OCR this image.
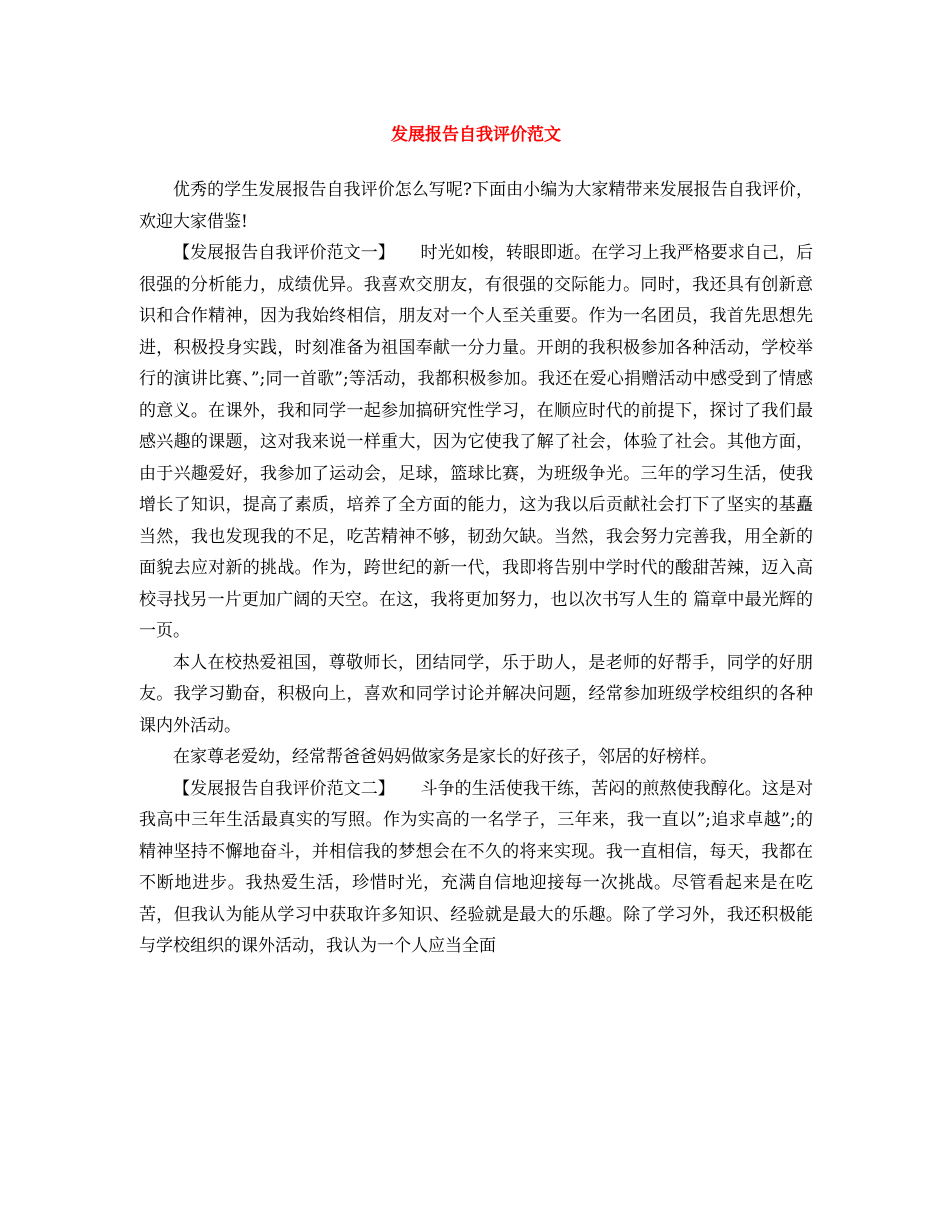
发展报告自我评价范文

优秀的学生发展报告自我评价怎么写呢?下面由小编为大家精带来发展报告自我评价，欢迎大家借鉴!

【发展报告自我评价范文一】　　时光如梭，转眼即逝。在学习上我严格要求自己，后很强的分析能力，成绩优异。我喜欢交朋友，有很强的交际能力。同时，我还具有创新意识和合作精神，因为我始终相信，朋友对一个人至关重要。作为一名团员，我首先思想先进，积极投身实践，时刻准备为祖国奉献一分力量。开朗的我积极参加各种活动，学校举行的演讲比赛、”;同一首歌”;等活动，我都积极参加。我还在爱心捐赠活动中感受到了情感的意义。在课外，我和同学一起参加搞研究性学习，在顺应时代的前提下，探讨了我们最感兴趣的课题，这对我来说一样重大，因为它使我了解了社会，体验了社会。其他方面，由于兴趣爱好，我参加了运动会，足球，篮球比赛，为班级争光。三年的学习生活，使我增长了知识，提高了素质，培养了全方面的能力，这为我以后贡献社会打下了坚实的基矗当然，我也发现我的不足，吃苦精神不够，韧劲欠缺。当然，我会努力完善我，用全新的面貌去应对新的挑战。作为，跨世纪的新一代，我即将告别中学时代的酸甜苦辣，迈入高校寻找另一片更加广阔的天空。在这，我将更加努力，也以次书写人生的 篇章中最光辉的一页。

本人在校热爱祖国，尊敬师长，团结同学，乐于助人，是老师的好帮手，同学的好朋友。我学习勤奋，积极向上，喜欢和同学讨论并解决问题，经常参加班级学校组织的各种课内外活动。

在家尊老爱幼，经常帮爸爸妈妈做家务是家长的好孩子，邻居的好榜样。

【发展报告自我评价范文二】　　斗争的生活使我干练，苦闷的煎熬使我醇化。这是对我高中三年生活最真实的写照。作为实高的一名学子，三年来，我一直以”;追求卓越”;的精神坚持不懈地奋斗，并相信我的梦想会在不久的将来实现。我一直相信，每天，我都在不断地进步。我热爱生活，珍惜时光，充满自信地迎接每一次挑战。尽管看起来是在吃苦，但我认为能从学习中获取许多知识、经验就是最大的乐趣。除了学习外，我还积极能与学校组织的课外活动，我认为一个人应当全面
